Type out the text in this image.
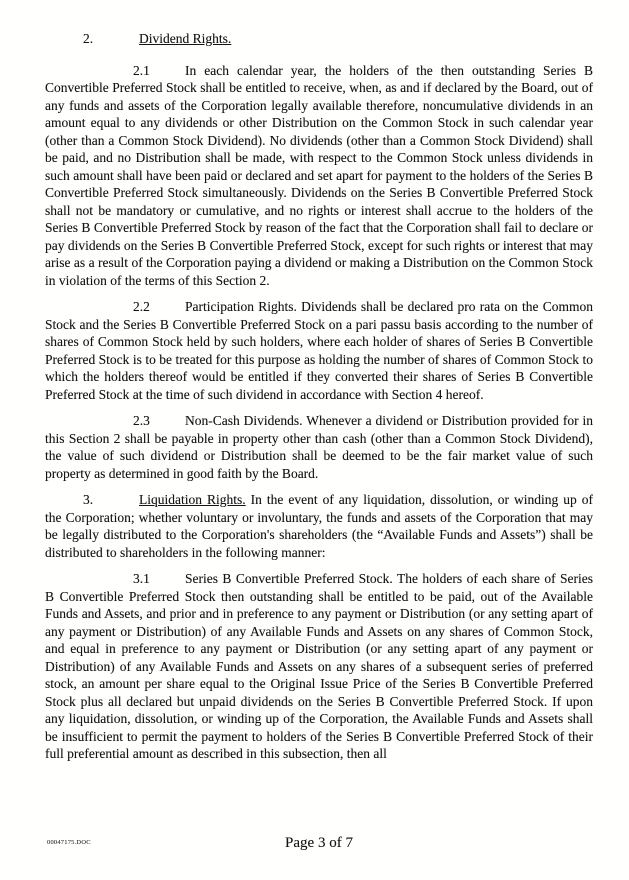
2.	Dividend Rights.

2.1	In each calendar year, the holders of the then outstanding Series B Convertible Preferred Stock shall be entitled to receive, when, as and if declared by the Board, out of any funds and assets of the Corporation legally available therefore, noncumulative dividends in an amount equal to any dividends or other Distribution on the Common Stock in such calendar year (other than a Common Stock Dividend). No dividends (other than a Common Stock Dividend) shall be paid, and no Distribution shall be made, with respect to the Common Stock unless dividends in such amount shall have been paid or declared and set apart for payment to the holders of the Series B Convertible Preferred Stock simultaneously. Dividends on the Series B Convertible Preferred Stock shall not be mandatory or cumulative, and no rights or interest shall accrue to the holders of the Series B Convertible Preferred Stock by reason of the fact that the Corporation shall fail to declare or pay dividends on the Series B Convertible Preferred Stock, except for such rights or interest that may arise as a result of the Corporation paying a dividend or making a Distribution on the Common Stock in violation of the terms of this Section 2.

2.2	Participation Rights. Dividends shall be declared pro rata on the Common Stock and the Series B Convertible Preferred Stock on a pari passu basis according to the number of shares of Common Stock held by such holders, where each holder of shares of Series B Convertible Preferred Stock is to be treated for this purpose as holding the number of shares of Common Stock to which the holders thereof would be entitled if they converted their shares of Series B Convertible Preferred Stock at the time of such dividend in accordance with Section 4 hereof.

2.3	Non-Cash Dividends. Whenever a dividend or Distribution provided for in this Section 2 shall be payable in property other than cash (other than a Common Stock Dividend), the value of such dividend or Distribution shall be deemed to be the fair market value of such property as determined in good faith by the Board.

3.	Liquidation Rights. In the event of any liquidation, dissolution, or winding up of the Corporation; whether voluntary or involuntary, the funds and assets of the Corporation that may be legally distributed to the Corporation's shareholders (the “Available Funds and Assets”) shall be distributed to shareholders in the following manner:

3.1	Series B Convertible Preferred Stock. The holders of each share of Series B Convertible Preferred Stock then outstanding shall be entitled to be paid, out of the Available Funds and Assets, and prior and in preference to any payment or Distribution (or any setting apart of any payment or Distribution) of any Available Funds and Assets on any shares of Common Stock, and equal in preference to any payment or Distribution (or any setting apart of any payment or Distribution) of any Available Funds and Assets on any shares of a subsequent series of preferred stock, an amount per share equal to the Original Issue Price of the Series B Convertible Preferred Stock plus all declared but unpaid dividends on the Series B Convertible Preferred Stock. If upon any liquidation, dissolution, or winding up of the Corporation, the Available Funds and Assets shall be insufficient to permit the payment to holders of the Series B Convertible Preferred Stock of their full preferential amount as described in this subsection, then all

00047175.DOC	Page 3 of 7
